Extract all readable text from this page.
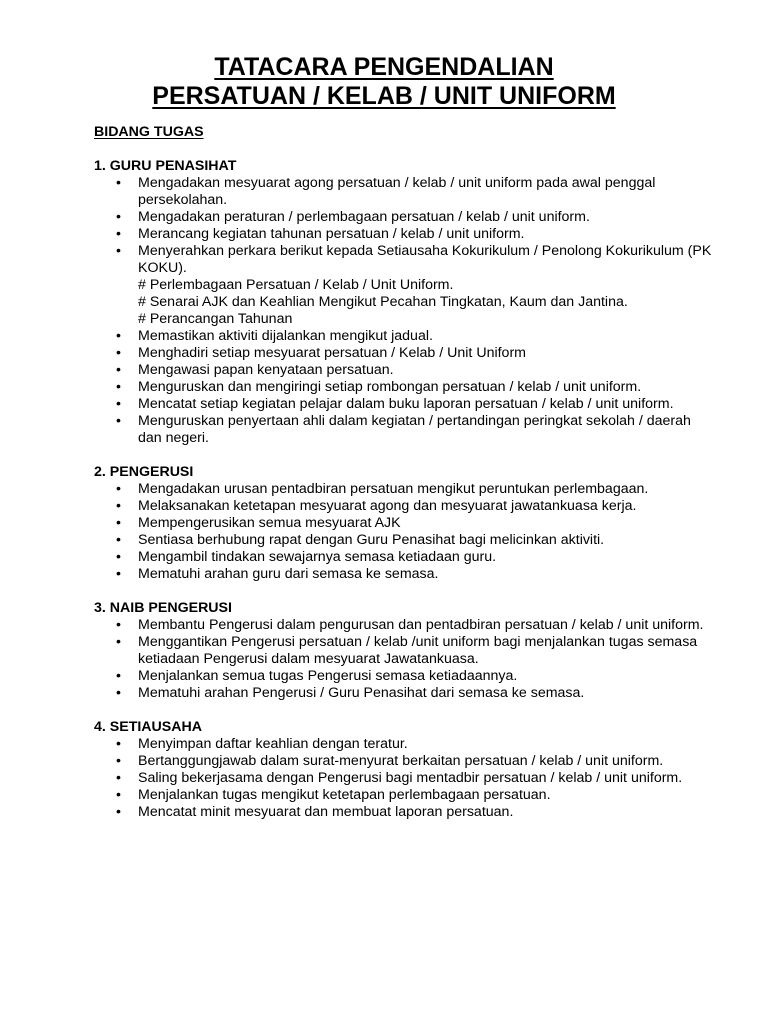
TATACARA PENGENDALIAN
PERSATUAN / KELAB / UNIT UNIFORM

BIDANG TUGAS

1. GURU PENASIHAT

• Mengadakan mesyuarat agong persatuan / kelab / unit uniform pada awal penggal persekolahan.
• Mengadakan peraturan / perlembagaan persatuan / kelab / unit uniform.
• Merancang kegiatan tahunan persatuan / kelab / unit uniform.
• Menyerahkan perkara berikut kepada Setiausaha Kokurikulum / Penolong Kokurikulum (PK KOKU).
# Perlembagaan Persatuan / Kelab / Unit Uniform.
# Senarai AJK dan Keahlian Mengikut Pecahan Tingkatan, Kaum dan Jantina.
# Perancangan Tahunan
• Memastikan aktiviti dijalankan mengikut jadual.
• Menghadiri setiap mesyuarat persatuan / Kelab / Unit Uniform
• Mengawasi papan kenyataan persatuan.
• Menguruskan dan mengiringi setiap rombongan persatuan / kelab / unit uniform.
• Mencatat setiap kegiatan pelajar dalam buku laporan persatuan / kelab / unit uniform.
• Menguruskan penyertaan ahli dalam kegiatan / pertandingan peringkat sekolah / daerah dan negeri.

2. PENGERUSI

• Mengadakan urusan pentadbiran persatuan mengikut peruntukan perlembagaan.
• Melaksanakan ketetapan mesyuarat agong dan mesyuarat jawatankuasa kerja.
• Mempengerusikan semua mesyuarat AJK
• Sentiasa berhubung rapat dengan Guru Penasihat bagi melicinkan aktiviti.
• Mengambil tindakan sewajarnya semasa ketiadaan guru.
• Mematuhi arahan guru dari semasa ke semasa.

3. NAIB PENGERUSI

• Membantu Pengerusi dalam pengurusan dan pentadbiran persatuan / kelab / unit uniform.
• Menggantikan Pengerusi persatuan / kelab /unit uniform bagi menjalankan tugas semasa ketiadaan Pengerusi dalam mesyuarat Jawatankuasa.
• Menjalankan semua tugas Pengerusi semasa ketiadaannya.
• Mematuhi arahan Pengerusi / Guru Penasihat dari semasa ke semasa.

4. SETIAUSAHA

• Menyimpan daftar keahlian dengan teratur.
• Bertanggungjawab dalam surat-menyurat berkaitan persatuan / kelab / unit uniform.
• Saling bekerjasama dengan Pengerusi bagi mentadbir persatuan / kelab / unit uniform.
• Menjalankan tugas mengikut ketetapan perlembagaan persatuan.
• Mencatat minit mesyuarat dan membuat laporan persatuan.
